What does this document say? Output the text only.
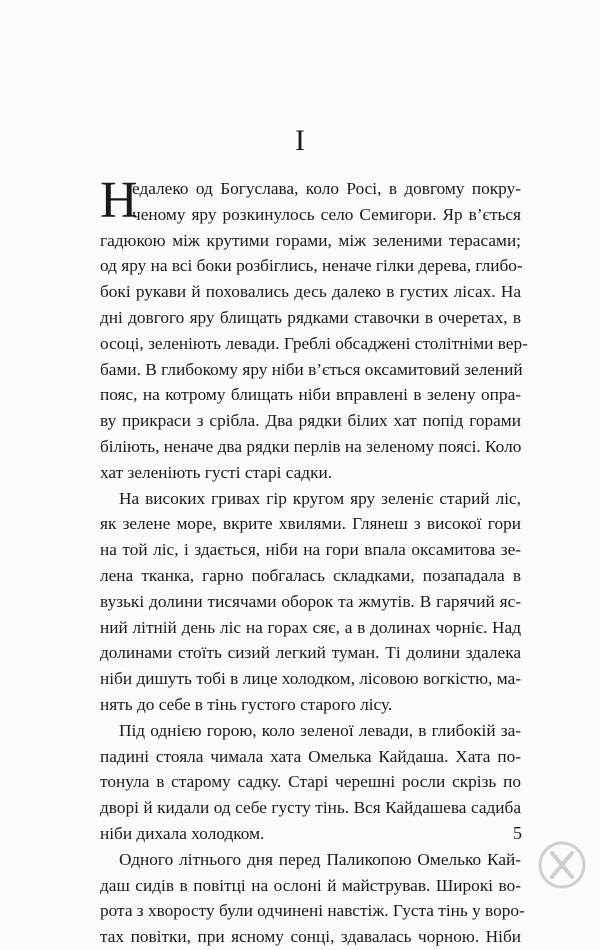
I
Н
едалеко од Богуслава, коло Росі, в довгому покру-
ченому яру розкинулось село Семигори. Яр в’ється
гадюкою між крутими горами, між зеленими терасами;
од яру на всі боки розбіглись, неначе гілки дерева, глибо-
бокі рукави й поховались десь далеко в густих лісах. На
дні довгого яру блищать рядками ставочки в очеретах, в
осоці, зеленіють левади. Греблі обсаджені столітніми вер-
бами. В глибокому яру ніби в’ється оксамитовий зелений
пояс, на котрому блищать ніби вправлені в зелену опра-
ву прикраси з срібла. Два рядки білих хат попід горами
біліють, неначе два рядки перлів на зеленому поясі. Коло
хат зеленіють густі старі садки.
На високих гривах гір кругом яру зеленіє старий ліс,
як зелене море, вкрите хвилями. Глянеш з високої гори
на той ліс, і здається, ніби на гори впала оксамитова зе-
лена тканка, гарно побгалась складками, позападала в
вузькі долини тисячами оборок та жмутів. В гарячий яс-
ний літній день ліс на горах сяє, а в долинах чорніє. Над
долинами стоїть сизий легкий туман. Ті долини здалека
ніби дишуть тобі в лице холодком, лісовою вогкістю, ма-
нять до себе в тінь густого старого лісу.
Під однією горою, коло зеленої левади, в глибокій за-
падині стояла чимала хата Омелька Кайдаша. Хата по-
тонула в старому садку. Старі черешні росли скрізь по
дворі й кидали од себе густу тінь. Вся Кайдашева садиба
ніби дихала холодком.
Одного літнього дня перед Паликопою Омелько Кай-
даш сидів в повітці на ослоні й майстрував. Широкі во-
рота з хворосту були одчинені навстіж. Густа тінь у воро-
тах повітки, при ясному сонці, здавалась чорною. Ніби
5
